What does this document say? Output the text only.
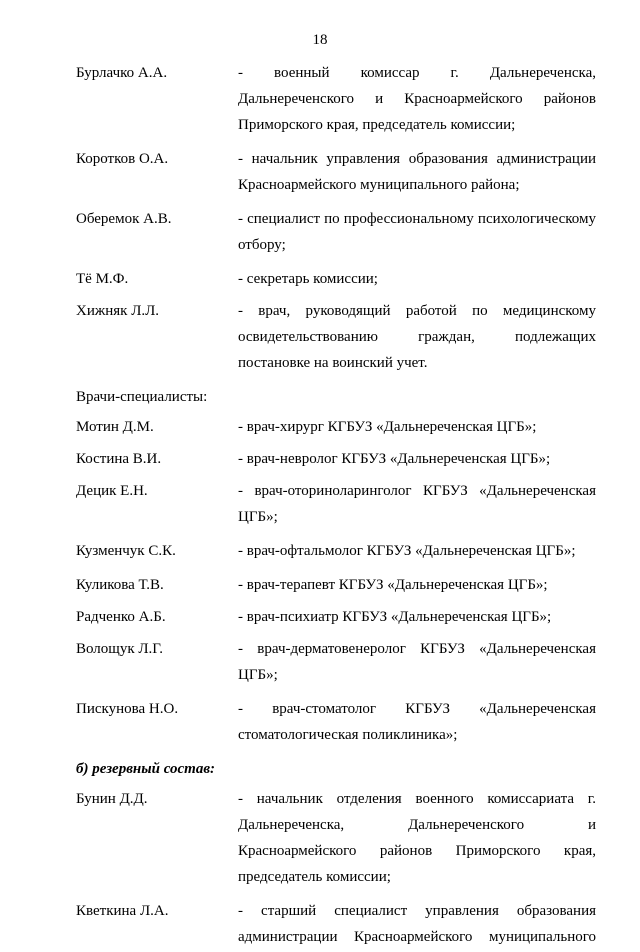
18
Бурлачко А.А.	- военный комиссар г. Дальнереченска, Дальнереченского и Красноармейского районов Приморского края, председатель комиссии;
Коротков О.А.	- начальник управления образования администрации Красноармейского муниципального района;
Оберемок А.В.	- специалист по профессиональному психологическому отбору;
Тё М.Ф.	- секретарь комиссии;
Хижняк Л.Л.	- врач, руководящий работой по медицинскому освидетельствованию граждан, подлежащих постановке на воинский учет.
Врачи-специалисты:
Мотин Д.М.	- врач-хирург КГБУЗ «Дальнереченская ЦГБ»;
Костина В.И.	- врач-невролог КГБУЗ «Дальнереченская ЦГБ»;
Децик Е.Н.	- врач-оториноларинголог КГБУЗ «Дальнереченская ЦГБ»;
Кузменчук С.К.	- врач-офтальмолог КГБУЗ «Дальнереченская ЦГБ»;
Куликова Т.В.	- врач-терапевт КГБУЗ «Дальнереченская ЦГБ»;
Радченко А.Б.	- врач-психиатр КГБУЗ «Дальнереченская ЦГБ»;
Волощук Л.Г.	- врач-дерматовенеролог КГБУЗ «Дальнереченская ЦГБ»;
Пискунова Н.О.	- врач-стоматолог КГБУЗ «Дальнереченская стоматологическая поликлиника»;
б) резервный состав:
Бунин Д.Д.	- начальник отделения военного комиссариата г. Дальнереченска, Дальнереченского и Красноармейского районов Приморского края, председатель комиссии;
Кветкина Л.А.	- старший специалист управления образования администрации Красноармейского муниципального
